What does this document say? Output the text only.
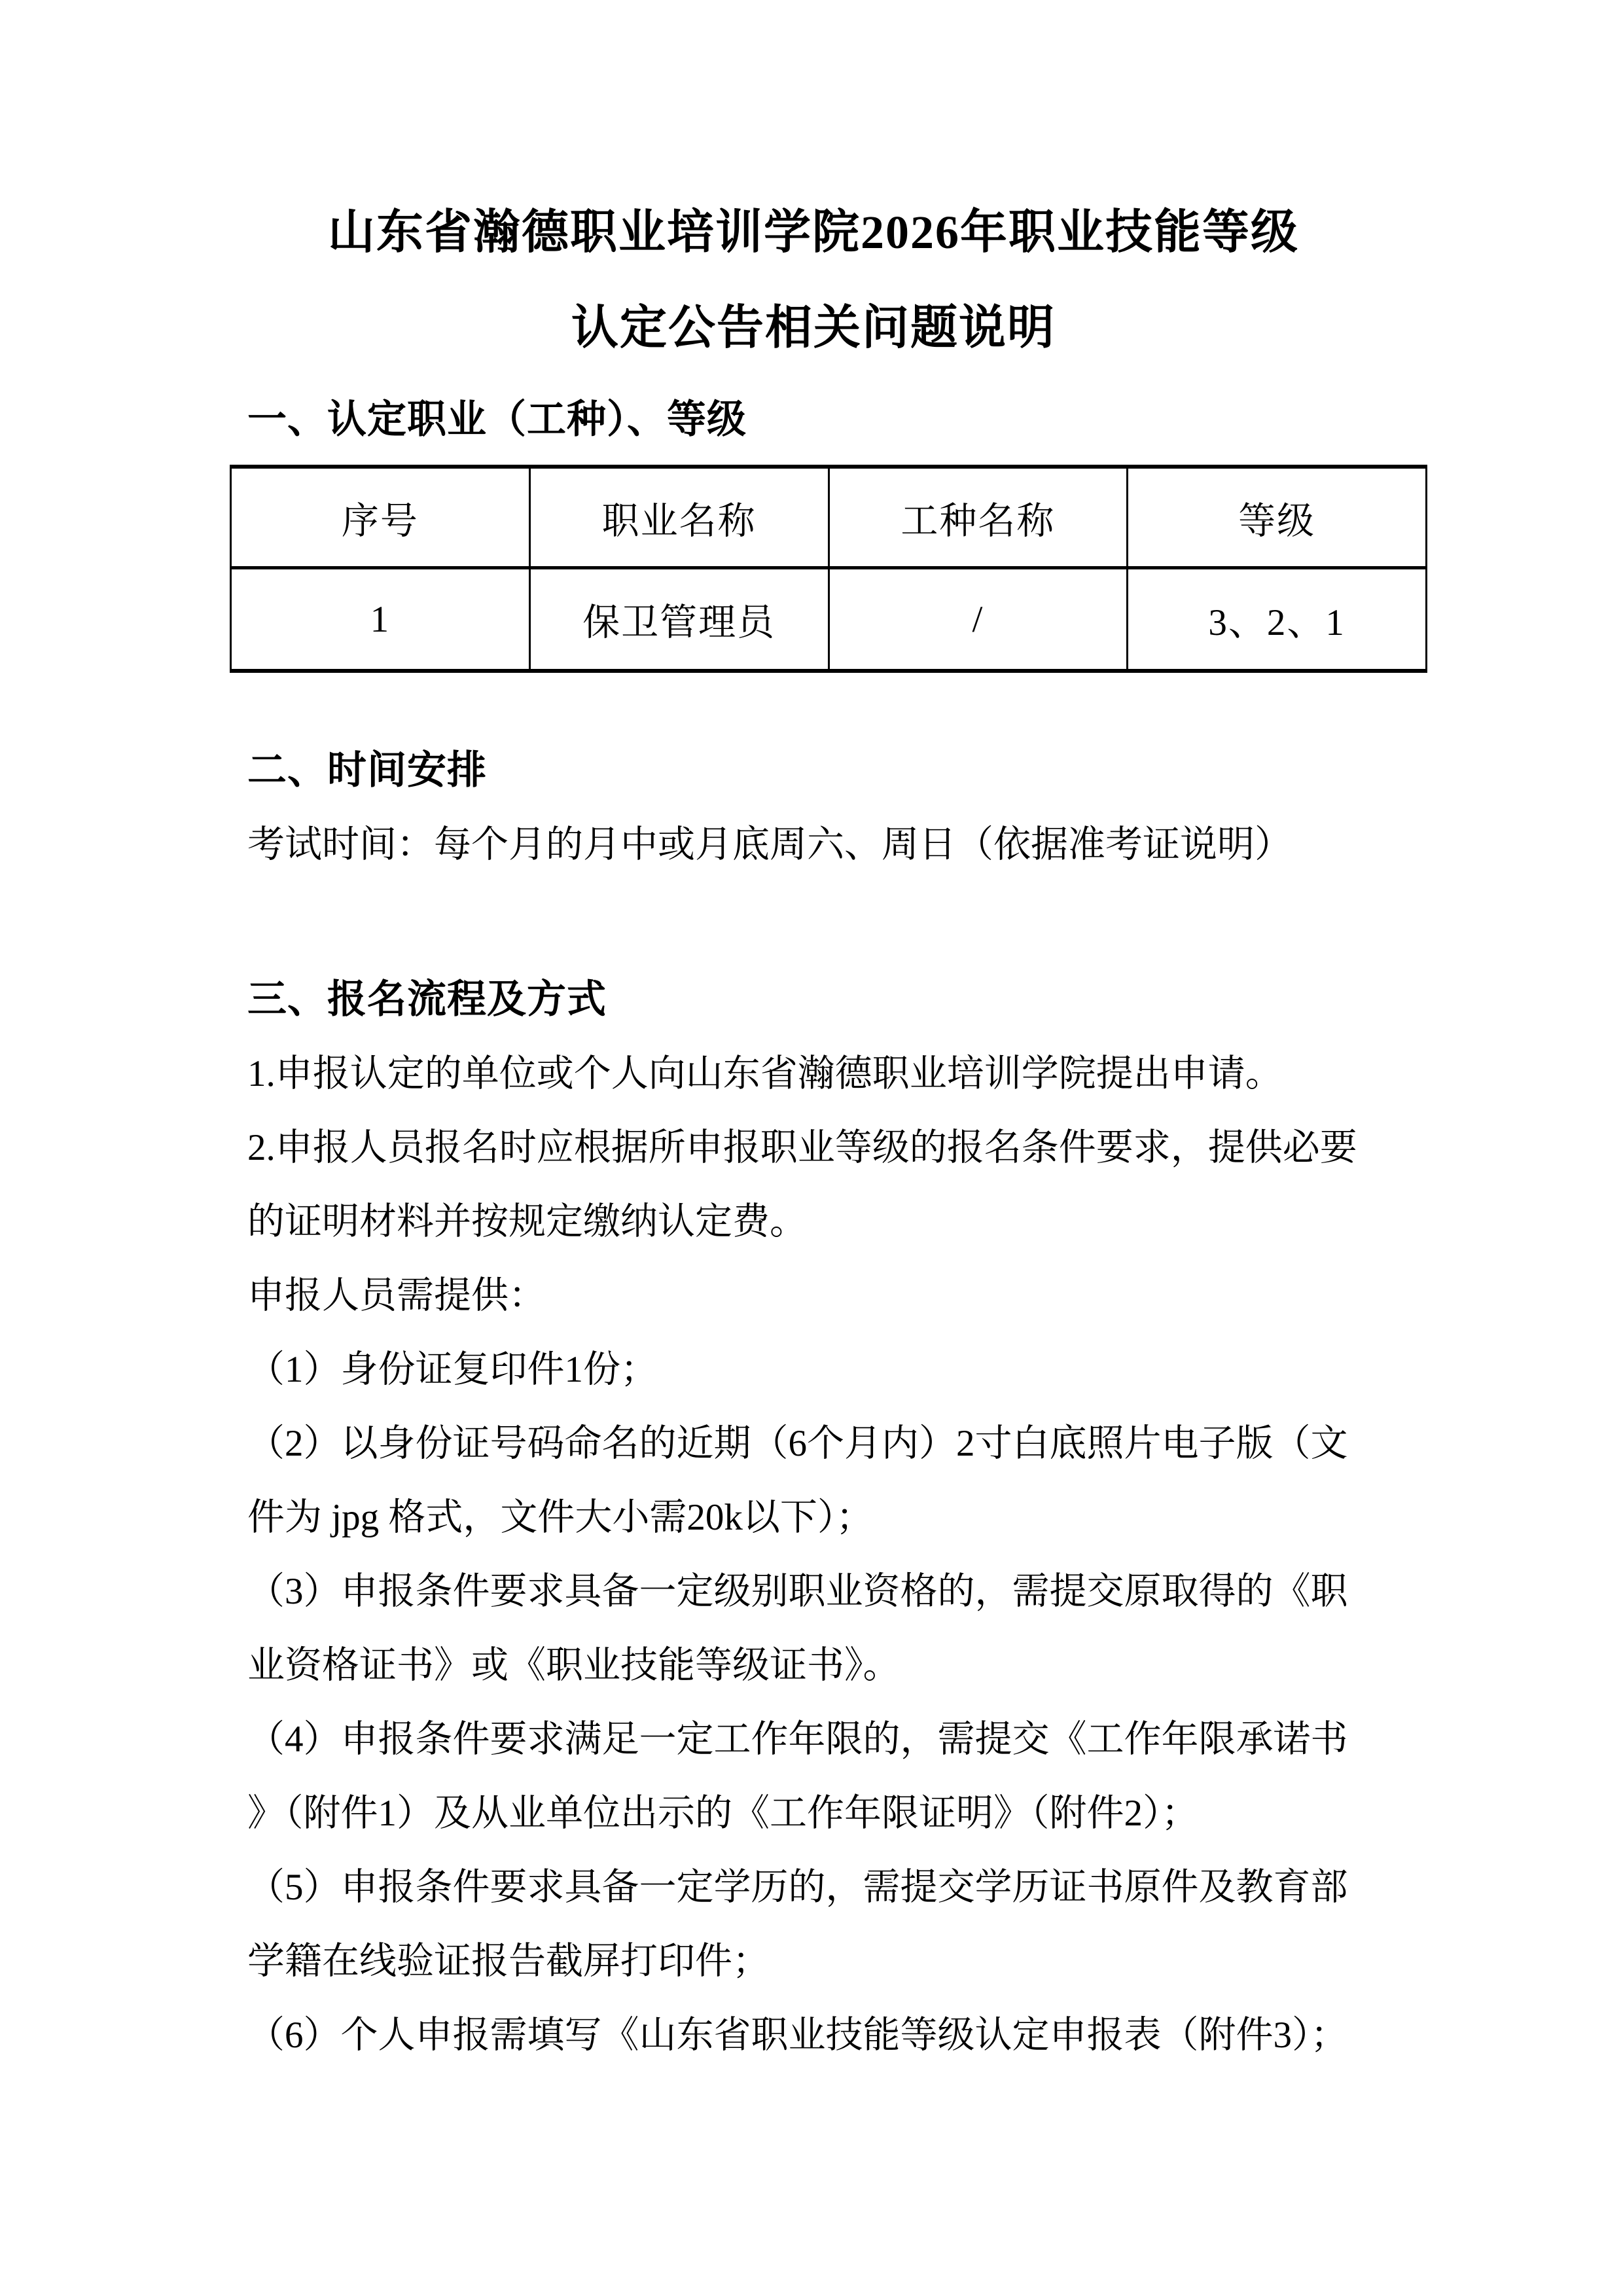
山东省瀚德职业培训学院2026年职业技能等级
认定公告相关问题说明
一、认定职业（工种）、等级
序号	职业名称	工种名称	等级
1	保卫管理员	/	3、2、1
二、时间安排
考试时间：每个月的月中或月底周六、周日（依据准考证说明）
三、报名流程及方式
1.申报认定的单位或个人向山东省瀚德职业培训学院提出申请。
2.申报人员报名时应根据所申报职业等级的报名条件要求，提供必要
的证明材料并按规定缴纳认定费。
申报人员需提供：
（1）身份证复印件1份；
（2）以身份证号码命名的近期（6个月内）2寸白底照片电子版（文
件为 jpg 格式，文件大小需20k以下）；
（3）申报条件要求具备一定级别职业资格的，需提交原取得的《职
业资格证书》或《职业技能等级证书》。
（4）申报条件要求满足一定工作年限的，需提交《工作年限承诺书
》（附件1）及从业单位出示的《工作年限证明》（附件2）；
（5）申报条件要求具备一定学历的，需提交学历证书原件及教育部
学籍在线验证报告截屏打印件；
（6）个人申报需填写《山东省职业技能等级认定申报表（附件3）；
